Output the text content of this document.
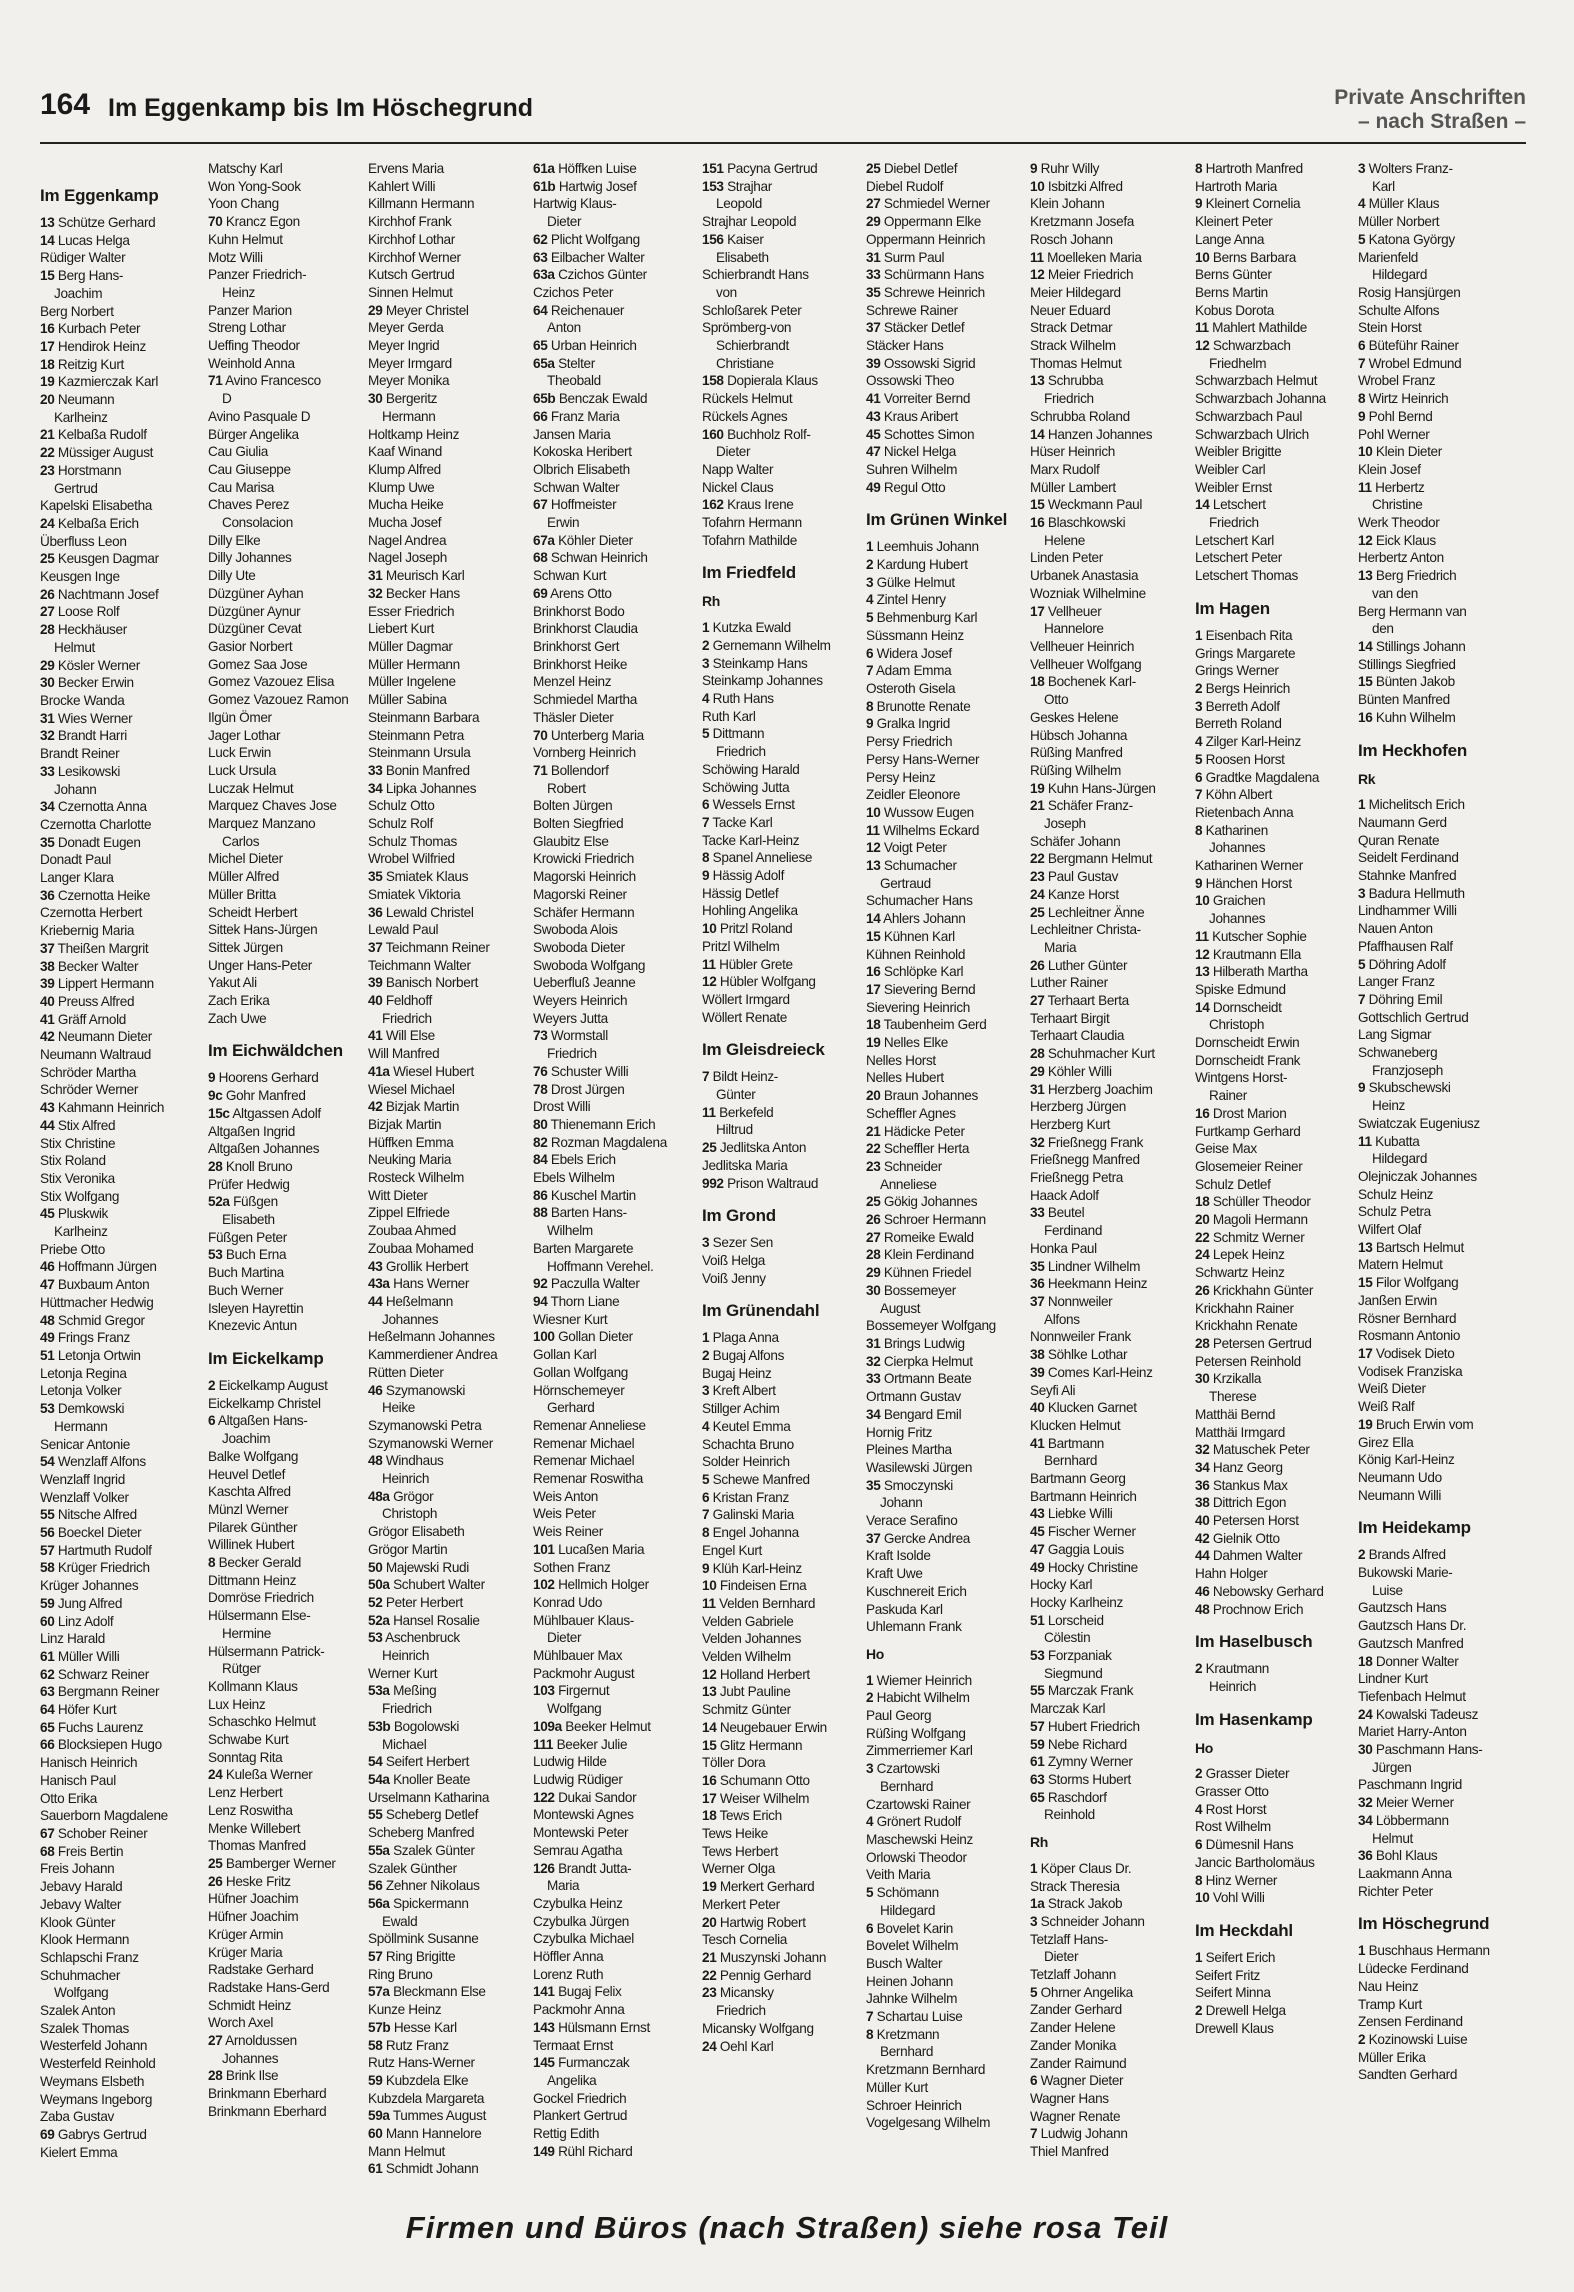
164 Im Eggenkamp bis Im Höschegrund	Private Anschriften
– nach Straßen –
Im Eggenkamp
13 Schütze Gerhard
14 Lucas Helga
Rüdiger Walter
15 Berg Hans-
Joachim
Berg Norbert
16 Kurbach Peter
17 Hendirok Heinz
18 Reitzig Kurt
19 Kazmierczak Karl
20 Neumann
Karlheinz
21 Kelbaßa Rudolf
22 Müssiger August
23 Horstmann
Gertrud
Kapelski Elisabetha
24 Kelbaßa Erich
Überfluss Leon
25 Keusgen Dagmar
Keusgen Inge
26 Nachtmann Josef
27 Loose Rolf
28 Heckhäuser
Helmut
29 Kösler Werner
30 Becker Erwin
Brocke Wanda
31 Wies Werner
32 Brandt Harri
Brandt Reiner
33 Lesikowski
Johann
34 Czernotta Anna
Czernotta Charlotte
35 Donadt Eugen
Donadt Paul
Langer Klara
36 Czernotta Heike
Czernotta Herbert
Kriebernig Maria
37 Theißen Margrit
38 Becker Walter
39 Lippert Hermann
40 Preuss Alfred
41 Gräff Arnold
42 Neumann Dieter
Neumann Waltraud
Schröder Martha
Schröder Werner
43 Kahmann Heinrich
44 Stix Alfred
Stix Christine
Stix Roland
Stix Veronika
Stix Wolfgang
45 Pluskwik
Karlheinz
Priebe Otto
46 Hoffmann Jürgen
47 Buxbaum Anton
Hüttmacher Hedwig
48 Schmid Gregor
49 Frings Franz
51 Letonja Ortwin
Letonja Regina
Letonja Volker
53 Demkowski
Hermann
Senicar Antonie
54 Wenzlaff Alfons
Wenzlaff Ingrid
Wenzlaff Volker
55 Nitsche Alfred
56 Boeckel Dieter
57 Hartmuth Rudolf
58 Krüger Friedrich
Krüger Johannes
59 Jung Alfred
60 Linz Adolf
Linz Harald
61 Müller Willi
62 Schwarz Reiner
63 Bergmann Reiner
64 Höfer Kurt
65 Fuchs Laurenz
66 Blocksiepen Hugo
Hanisch Heinrich
Hanisch Paul
Otto Erika
Sauerborn Magdalene
67 Schober Reiner
68 Freis Bertin
Freis Johann
Jebavy Harald
Jebavy Walter
Klook Günter
Klook Hermann
Schlapschi Franz
Schuhmacher
Wolfgang
Szalek Anton
Szalek Thomas
Westerfeld Johann
Westerfeld Reinhold
Weymans Elsbeth
Weymans Ingeborg
Zaba Gustav
69 Gabrys Gertrud
Kielert Emma
Matschy Karl
Won Yong-Sook
Yoon Chang
70 Krancz Egon
Kuhn Helmut
Motz Willi
Panzer Friedrich-
Heinz
Panzer Marion
Streng Lothar
Ueffing Theodor
Weinhold Anna
71 Avino Francesco
D
Avino Pasquale D
Bürger Angelika
Cau Giulia
Cau Giuseppe
Cau Marisa
Chaves Perez
Consolacion
Dilly Elke
Dilly Johannes
Dilly Ute
Düzgüner Ayhan
Düzgüner Aynur
Düzgüner Cevat
Gasior Norbert
Gomez Saa Jose
Gomez Vazouez Elisa
Gomez Vazouez Ramon
Ilgün Ömer
Jager Lothar
Luck Erwin
Luck Ursula
Luczak Helmut
Marquez Chaves Jose
Marquez Manzano
Carlos
Michel Dieter
Müller Alfred
Müller Britta
Scheidt Herbert
Sittek Hans-Jürgen
Sittek Jürgen
Unger Hans-Peter
Yakut Ali
Zach Erika
Zach Uwe
Im Eichwäldchen
9 Hoorens Gerhard
9c Gohr Manfred
15c Altgassen Adolf
Altgaßen Ingrid
Altgaßen Johannes
28 Knoll Bruno
Prüfer Hedwig
52a Füßgen
Elisabeth
Füßgen Peter
53 Buch Erna
Buch Martina
Buch Werner
Isleyen Hayrettin
Knezevic Antun
Im Eickelkamp
2 Eickelkamp August
Eickelkamp Christel
6 Altgaßen Hans-
Joachim
Balke Wolfgang
Heuvel Detlef
Kaschta Alfred
Münzl Werner
Pilarek Günther
Willinek Hubert
8 Becker Gerald
Dittmann Heinz
Domröse Friedrich
Hülsermann Else-
Hermine
Hülsermann Patrick-
Rütger
Kollmann Klaus
Lux Heinz
Schaschko Helmut
Schwabe Kurt
Sonntag Rita
24 Kuleßa Werner
Lenz Herbert
Lenz Roswitha
Menke Willebert
Thomas Manfred
25 Bamberger Werner
26 Heske Fritz
Hüfner Joachim
Hüfner Joachim
Krüger Armin
Krüger Maria
Radstake Gerhard
Radstake Hans-Gerd
Schmidt Heinz
Worch Axel
27 Arnoldussen
Johannes
28 Brink Ilse
Brinkmann Eberhard
Brinkmann Eberhard
Ervens Maria
Kahlert Willi
Killmann Hermann
Kirchhof Frank
Kirchhof Lothar
Kirchhof Werner
Kutsch Gertrud
Sinnen Helmut
29 Meyer Christel
Meyer Gerda
Meyer Ingrid
Meyer Irmgard
Meyer Monika
30 Bergeritz
Hermann
Holtkamp Heinz
Kaaf Winand
Klump Alfred
Klump Uwe
Mucha Heike
Mucha Josef
Nagel Andrea
Nagel Joseph
31 Meurisch Karl
32 Becker Hans
Esser Friedrich
Liebert Kurt
Müller Dagmar
Müller Hermann
Müller Ingelene
Müller Sabina
Steinmann Barbara
Steinmann Petra
Steinmann Ursula
33 Bonin Manfred
34 Lipka Johannes
Schulz Otto
Schulz Rolf
Schulz Thomas
Wrobel Wilfried
35 Smiatek Klaus
Smiatek Viktoria
36 Lewald Christel
Lewald Paul
37 Teichmann Reiner
Teichmann Walter
39 Banisch Norbert
40 Feldhoff
Friedrich
41 Will Else
Will Manfred
41a Wiesel Hubert
Wiesel Michael
42 Bizjak Martin
Bizjak Martin
Hüffken Emma
Neuking Maria
Rosteck Wilhelm
Witt Dieter
Zippel Elfriede
Zoubaa Ahmed
Zoubaa Mohamed
43 Grollik Herbert
43a Hans Werner
44 Heßelmann
Johannes
Heßelmann Johannes
Kammerdiener Andrea
Rütten Dieter
46 Szymanowski
Heike
Szymanowski Petra
Szymanowski Werner
48 Windhaus
Heinrich
48a Grögor
Christoph
Grögor Elisabeth
Grögor Martin
50 Majewski Rudi
50a Schubert Walter
52 Peter Herbert
52a Hansel Rosalie
53 Aschenbruck
Heinrich
Werner Kurt
53a Meßing
Friedrich
53b Bogolowski
Michael
54 Seifert Herbert
54a Knoller Beate
Urselmann Katharina
55 Scheberg Detlef
Scheberg Manfred
55a Szalek Günter
Szalek Günther
56 Zehner Nikolaus
56a Spickermann
Ewald
Spöllmink Susanne
57 Ring Brigitte
Ring Bruno
57a Bleckmann Else
Kunze Heinz
57b Hesse Karl
58 Rutz Franz
Rutz Hans-Werner
59 Kubzdela Elke
Kubzdela Margareta
59a Tummes August
60 Mann Hannelore
Mann Helmut
61 Schmidt Johann
61a Höffken Luise
61b Hartwig Josef
Hartwig Klaus-
Dieter
62 Plicht Wolfgang
63 Eilbacher Walter
63a Czichos Günter
Czichos Peter
64 Reichenauer
Anton
65 Urban Heinrich
65a Stelter
Theobald
65b Benczak Ewald
66 Franz Maria
Jansen Maria
Kokoska Heribert
Olbrich Elisabeth
Schwan Walter
67 Hoffmeister
Erwin
67a Köhler Dieter
68 Schwan Heinrich
Schwan Kurt
69 Arens Otto
Brinkhorst Bodo
Brinkhorst Claudia
Brinkhorst Gert
Brinkhorst Heike
Menzel Heinz
Schmiedel Martha
Thäsler Dieter
70 Unterberg Maria
Vornberg Heinrich
71 Bollendorf
Robert
Bolten Jürgen
Bolten Siegfried
Glaubitz Else
Krowicki Friedrich
Magorski Heinrich
Magorski Reiner
Schäfer Hermann
Swoboda Alois
Swoboda Dieter
Swoboda Wolfgang
Ueberfluß Jeanne
Weyers Heinrich
Weyers Jutta
73 Wormstall
Friedrich
76 Schuster Willi
78 Drost Jürgen
Drost Willi
80 Thienemann Erich
82 Rozman Magdalena
84 Ebels Erich
Ebels Wilhelm
86 Kuschel Martin
88 Barten Hans-
Wilhelm
Barten Margarete
Hoffmann Verehel.
92 Paczulla Walter
94 Thorn Liane
Wiesner Kurt
100 Gollan Dieter
Gollan Karl
Gollan Wolfgang
Hörnschemeyer
Gerhard
Remenar Anneliese
Remenar Michael
Remenar Michael
Remenar Roswitha
Weis Anton
Weis Peter
Weis Reiner
101 Lucaßen Maria
Sothen Franz
102 Hellmich Holger
Konrad Udo
Mühlbauer Klaus-
Dieter
Mühlbauer Max
Packmohr August
103 Firgernut
Wolfgang
109a Beeker Helmut
111 Beeker Julie
Ludwig Hilde
Ludwig Rüdiger
122 Dukai Sandor
Montewski Agnes
Montewski Peter
Semrau Agatha
126 Brandt Jutta-
Maria
Czybulka Heinz
Czybulka Jürgen
Czybulka Michael
Höffler Anna
Lorenz Ruth
141 Bugaj Felix
Packmohr Anna
143 Hülsmann Ernst
Termaat Ernst
145 Furmanczak
Angelika
Gockel Friedrich
Plankert Gertrud
Rettig Edith
149 Rühl Richard
151 Pacyna Gertrud
153 Strajhar
Leopold
Strajhar Leopold
156 Kaiser
Elisabeth
Schierbrandt Hans
von
Schloßarek Peter
Sprömberg-von
Schierbrandt
Christiane
158 Dopierala Klaus
Rückels Helmut
Rückels Agnes
160 Buchholz Rolf-
Dieter
Napp Walter
Nickel Claus
162 Kraus Irene
Tofahrn Hermann
Tofahrn Mathilde
Im Friedfeld
Rh
1 Kutzka Ewald
2 Gernemann Wilhelm
3 Steinkamp Hans
Steinkamp Johannes
4 Ruth Hans
Ruth Karl
5 Dittmann
Friedrich
Schöwing Harald
Schöwing Jutta
6 Wessels Ernst
7 Tacke Karl
Tacke Karl-Heinz
8 Spanel Anneliese
9 Hässig Adolf
Hässig Detlef
Hohling Angelika
10 Pritzl Roland
Pritzl Wilhelm
11 Hübler Grete
12 Hübler Wolfgang
Wöllert Irmgard
Wöllert Renate
Im Gleisdreieck
7 Bildt Heinz-
Günter
11 Berkefeld
Hiltrud
25 Jedlitska Anton
Jedlitska Maria
992 Prison Waltraud
Im Grond
3 Sezer Sen
Voiß Helga
Voiß Jenny
Im Grünendahl
1 Plaga Anna
2 Bugaj Alfons
Bugaj Heinz
3 Kreft Albert
Stillger Achim
4 Keutel Emma
Schachta Bruno
Solder Heinrich
5 Schewe Manfred
6 Kristan Franz
7 Galinski Maria
8 Engel Johanna
Engel Kurt
9 Klüh Karl-Heinz
10 Findeisen Erna
11 Velden Bernhard
Velden Gabriele
Velden Johannes
Velden Wilhelm
12 Holland Herbert
13 Jubt Pauline
Schmitz Günter
14 Neugebauer Erwin
15 Glitz Hermann
Töller Dora
16 Schumann Otto
17 Weiser Wilhelm
18 Tews Erich
Tews Heike
Tews Herbert
Werner Olga
19 Merkert Gerhard
Merkert Peter
20 Hartwig Robert
Tesch Cornelia
21 Muszynski Johann
22 Pennig Gerhard
23 Micansky
Friedrich
Micansky Wolfgang
24 Oehl Karl
25 Diebel Detlef
Diebel Rudolf
27 Schmiedel Werner
29 Oppermann Elke
Oppermann Heinrich
31 Surm Paul
33 Schürmann Hans
35 Schrewe Heinrich
Schrewe Rainer
37 Stäcker Detlef
Stäcker Hans
39 Ossowski Sigrid
Ossowski Theo
41 Vorreiter Bernd
43 Kraus Aribert
45 Schottes Simon
47 Nickel Helga
Suhren Wilhelm
49 Regul Otto
Im Grünen Winkel
1 Leemhuis Johann
2 Kardung Hubert
3 Gülke Helmut
4 Zintel Henry
5 Behmenburg Karl
Süssmann Heinz
6 Widera Josef
7 Adam Emma
Osteroth Gisela
8 Brunotte Renate
9 Gralka Ingrid
Persy Friedrich
Persy Hans-Werner
Persy Heinz
Zeidler Eleonore
10 Wussow Eugen
11 Wilhelms Eckard
12 Voigt Peter
13 Schumacher
Gertraud
Schumacher Hans
14 Ahlers Johann
15 Kühnen Karl
Kühnen Reinhold
16 Schlöpke Karl
17 Sievering Bernd
Sievering Heinrich
18 Taubenheim Gerd
19 Nelles Elke
Nelles Horst
Nelles Hubert
20 Braun Johannes
Scheffler Agnes
21 Hädicke Peter
22 Scheffler Herta
23 Schneider
Anneliese
25 Gökig Johannes
26 Schroer Hermann
27 Romeike Ewald
28 Klein Ferdinand
29 Kühnen Friedel
30 Bossemeyer
August
Bossemeyer Wolfgang
31 Brings Ludwig
32 Cierpka Helmut
33 Ortmann Beate
Ortmann Gustav
34 Bengard Emil
Hornig Fritz
Pleines Martha
Wasilewski Jürgen
35 Smoczynski
Johann
Verace Serafino
37 Gercke Andrea
Kraft Isolde
Kraft Uwe
Kuschnereit Erich
Paskuda Karl
Uhlemann Frank
Ho
1 Wiemer Heinrich
2 Habicht Wilhelm
Paul Georg
Rüßing Wolfgang
Zimmerriemer Karl
3 Czartowski
Bernhard
Czartowski Rainer
4 Grönert Rudolf
Maschewski Heinz
Orlowski Theodor
Veith Maria
5 Schömann
Hildegard
6 Bovelet Karin
Bovelet Wilhelm
Busch Walter
Heinen Johann
Jahnke Wilhelm
7 Schartau Luise
8 Kretzmann
Bernhard
Kretzmann Bernhard
Müller Kurt
Schroer Heinrich
Vogelgesang Wilhelm
9 Ruhr Willy
10 Isbitzki Alfred
Klein Johann
Kretzmann Josefa
Rosch Johann
11 Moelleken Maria
12 Meier Friedrich
Meier Hildegard
Neuer Eduard
Strack Detmar
Strack Wilhelm
Thomas Helmut
13 Schrubba
Friedrich
Schrubba Roland
14 Hanzen Johannes
Hüser Heinrich
Marx Rudolf
Müller Lambert
15 Weckmann Paul
16 Blaschkowski
Helene
Linden Peter
Urbanek Anastasia
Wozniak Wilhelmine
17 Vellheuer
Hannelore
Vellheuer Heinrich
Vellheuer Wolfgang
18 Bochenek Karl-
Otto
Geskes Helene
Hübsch Johanna
Rüßing Manfred
Rüßing Wilhelm
19 Kuhn Hans-Jürgen
21 Schäfer Franz-
Joseph
Schäfer Johann
22 Bergmann Helmut
23 Paul Gustav
24 Kanze Horst
25 Lechleitner Änne
Lechleitner Christa-
Maria
26 Luther Günter
Luther Rainer
27 Terhaart Berta
Terhaart Birgit
Terhaart Claudia
28 Schuhmacher Kurt
29 Köhler Willi
31 Herzberg Joachim
Herzberg Jürgen
Herzberg Kurt
32 Frießnegg Frank
Frießnegg Manfred
Frießnegg Petra
Haack Adolf
33 Beutel
Ferdinand
Honka Paul
35 Lindner Wilhelm
36 Heekmann Heinz
37 Nonnweiler
Alfons
Nonnweiler Frank
38 Söhlke Lothar
39 Comes Karl-Heinz
Seyfi Ali
40 Klucken Garnet
Klucken Helmut
41 Bartmann
Bernhard
Bartmann Georg
Bartmann Heinrich
43 Liebke Willi
45 Fischer Werner
47 Gaggia Louis
49 Hocky Christine
Hocky Karl
Hocky Karlheinz
51 Lorscheid
Cölestin
53 Forzpaniak
Siegmund
55 Marczak Frank
Marczak Karl
57 Hubert Friedrich
59 Nebe Richard
61 Zymny Werner
63 Storms Hubert
65 Raschdorf
Reinhold
Rh
1 Köper Claus Dr.
Strack Theresia
1a Strack Jakob
3 Schneider Johann
Tetzlaff Hans-
Dieter
Tetzlaff Johann
5 Ohrner Angelika
Zander Gerhard
Zander Helene
Zander Monika
Zander Raimund
6 Wagner Dieter
Wagner Hans
Wagner Renate
7 Ludwig Johann
Thiel Manfred
8 Hartroth Manfred
Hartroth Maria
9 Kleinert Cornelia
Kleinert Peter
Lange Anna
10 Berns Barbara
Berns Günter
Berns Martin
Kobus Dorota
11 Mahlert Mathilde
12 Schwarzbach
Friedhelm
Schwarzbach Helmut
Schwarzbach Johanna
Schwarzbach Paul
Schwarzbach Ulrich
Weibler Brigitte
Weibler Carl
Weibler Ernst
14 Letschert
Friedrich
Letschert Karl
Letschert Peter
Letschert Thomas
Im Hagen
1 Eisenbach Rita
Grings Margarete
Grings Werner
2 Bergs Heinrich
3 Berreth Adolf
Berreth Roland
4 Zilger Karl-Heinz
5 Roosen Horst
6 Gradtke Magdalena
7 Köhn Albert
Rietenbach Anna
8 Katharinen
Johannes
Katharinen Werner
9 Hänchen Horst
10 Graichen
Johannes
11 Kutscher Sophie
12 Krautmann Ella
13 Hilberath Martha
Spiske Edmund
14 Dornscheidt
Christoph
Dornscheidt Erwin
Dornscheidt Frank
Wintgens Horst-
Rainer
16 Drost Marion
Furtkamp Gerhard
Geise Max
Glosemeier Reiner
Schulz Detlef
18 Schüller Theodor
20 Magoli Hermann
22 Schmitz Werner
24 Lepek Heinz
Schwartz Heinz
26 Krickhahn Günter
Krickhahn Rainer
Krickhahn Renate
28 Petersen Gertrud
Petersen Reinhold
30 Krzikalla
Therese
Matthäi Bernd
Matthäi Irmgard
32 Matuschek Peter
34 Hanz Georg
36 Stankus Max
38 Dittrich Egon
40 Petersen Horst
42 Gielnik Otto
44 Dahmen Walter
Hahn Holger
46 Nebowsky Gerhard
48 Prochnow Erich
Im Haselbusch
2 Krautmann
Heinrich
Im Hasenkamp
Ho
2 Grasser Dieter
Grasser Otto
4 Rost Horst
Rost Wilhelm
6 Dümesnil Hans
Jancic Bartholomäus
8 Hinz Werner
10 Vohl Willi
Im Heckdahl
1 Seifert Erich
Seifert Fritz
Seifert Minna
2 Drewell Helga
Drewell Klaus
3 Wolters Franz-
Karl
4 Müller Klaus
Müller Norbert
5 Katona György
Marienfeld
Hildegard
Rosig Hansjürgen
Schulte Alfons
Stein Horst
6 Büteführ Rainer
7 Wrobel Edmund
Wrobel Franz
8 Wirtz Heinrich
9 Pohl Bernd
Pohl Werner
10 Klein Dieter
Klein Josef
11 Herbertz
Christine
Werk Theodor
12 Eick Klaus
Herbertz Anton
13 Berg Friedrich
van den
Berg Hermann van
den
14 Stillings Johann
Stillings Siegfried
15 Bünten Jakob
Bünten Manfred
16 Kuhn Wilhelm
Im Heckhofen
Rk
1 Michelitsch Erich
Naumann Gerd
Quran Renate
Seidelt Ferdinand
Stahnke Manfred
3 Badura Hellmuth
Lindhammer Willi
Nauen Anton
Pfaffhausen Ralf
5 Döhring Adolf
Langer Franz
7 Döhring Emil
Gottschlich Gertrud
Lang Sigmar
Schwaneberg
Franzjoseph
9 Skubschewski
Heinz
Swiatczak Eugeniusz
11 Kubatta
Hildegard
Olejniczak Johannes
Schulz Heinz
Schulz Petra
Wilfert Olaf
13 Bartsch Helmut
Matern Helmut
15 Filor Wolfgang
Janßen Erwin
Rösner Bernhard
Rosmann Antonio
17 Vodisek Dieto
Vodisek Franziska
Weiß Dieter
Weiß Ralf
19 Bruch Erwin vom
Girez Ella
König Karl-Heinz
Neumann Udo
Neumann Willi
Im Heidekamp
2 Brands Alfred
Bukowski Marie-
Luise
Gautzsch Hans
Gautzsch Hans Dr.
Gautzsch Manfred
18 Donner Walter
Lindner Kurt
Tiefenbach Helmut
24 Kowalski Tadeusz
Mariet Harry-Anton
30 Paschmann Hans-
Jürgen
Paschmann Ingrid
32 Meier Werner
34 Löbbermann
Helmut
36 Bohl Klaus
Laakmann Anna
Richter Peter
Im Höschegrund
1 Buschhaus Hermann
Lüdecke Ferdinand
Nau Heinz
Tramp Kurt
Zensen Ferdinand
2 Kozinowski Luise
Müller Erika
Sandten Gerhard
Firmen und Büros (nach Straßen) siehe rosa Teil
